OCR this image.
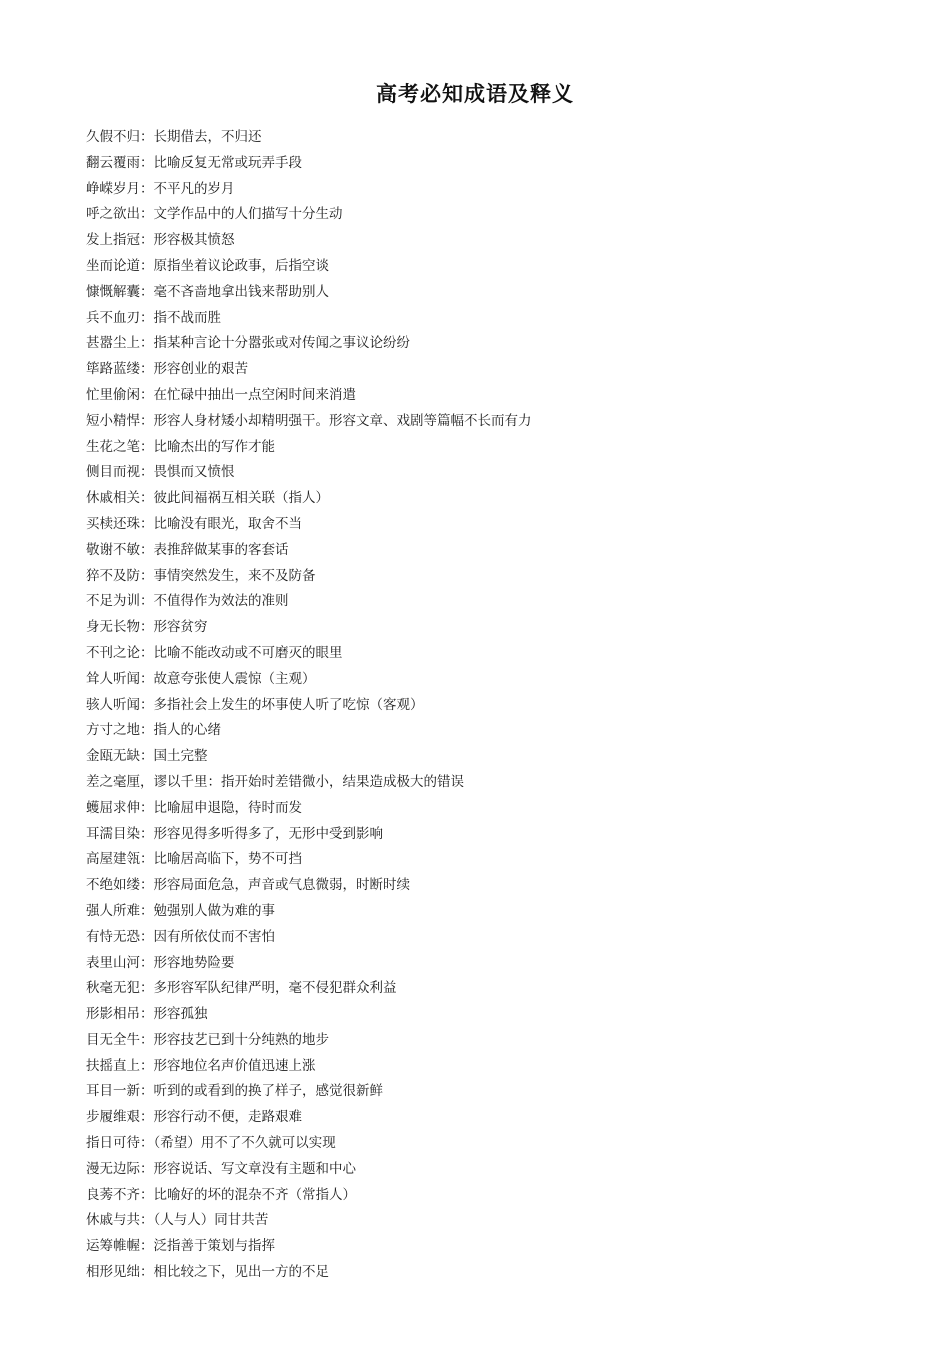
高考必知成语及释义
久假不归：长期借去，不归还
翻云覆雨：比喻反复无常或玩弄手段
峥嵘岁月：不平凡的岁月
呼之欲出：文学作品中的人们描写十分生动
发上指冠：形容极其愤怒
坐而论道：原指坐着议论政事，后指空谈
慷慨解囊：毫不吝啬地拿出钱来帮助别人
兵不血刃：指不战而胜
甚嚣尘上：指某种言论十分嚣张或对传闻之事议论纷纷
筚路蓝缕：形容创业的艰苦
忙里偷闲：在忙碌中抽出一点空闲时间来消遣
短小精悍：形容人身材矮小却精明强干。形容文章、戏剧等篇幅不长而有力
生花之笔：比喻杰出的写作才能
侧目而视：畏惧而又愤恨
休戚相关：彼此间福祸互相关联（指人）
买椟还珠：比喻没有眼光，取舍不当
敬谢不敏：表推辞做某事的客套话
猝不及防：事情突然发生，来不及防备
不足为训：不值得作为效法的准则
身无长物：形容贫穷
不刊之论：比喻不能改动或不可磨灭的眼里
耸人听闻：故意夸张使人震惊（主观）
骇人听闻：多指社会上发生的坏事使人听了吃惊（客观）
方寸之地：指人的心绪
金瓯无缺：国土完整
差之毫厘，谬以千里：指开始时差错微小，结果造成极大的错误
蠖屈求伸：比喻屈申退隐，待时而发
耳濡目染：形容见得多听得多了，无形中受到影响
高屋建瓴：比喻居高临下，势不可挡
不绝如缕：形容局面危急，声音或气息微弱，时断时续
强人所难：勉强别人做为难的事
有恃无恐：因有所依仗而不害怕
表里山河：形容地势险要
秋毫无犯：多形容军队纪律严明，毫不侵犯群众利益
形影相吊：形容孤独
目无全牛：形容技艺已到十分纯熟的地步
扶摇直上：形容地位名声价值迅速上涨
耳目一新：听到的或看到的换了样子，感觉很新鲜
步履维艰：形容行动不便，走路艰难
指日可待：（希望）用不了不久就可以实现
漫无边际：形容说话、写文章没有主题和中心
良莠不齐：比喻好的坏的混杂不齐（常指人）
休戚与共：（人与人）同甘共苦
运筹帷幄：泛指善于策划与指挥
相形见绌：相比较之下，见出一方的不足
